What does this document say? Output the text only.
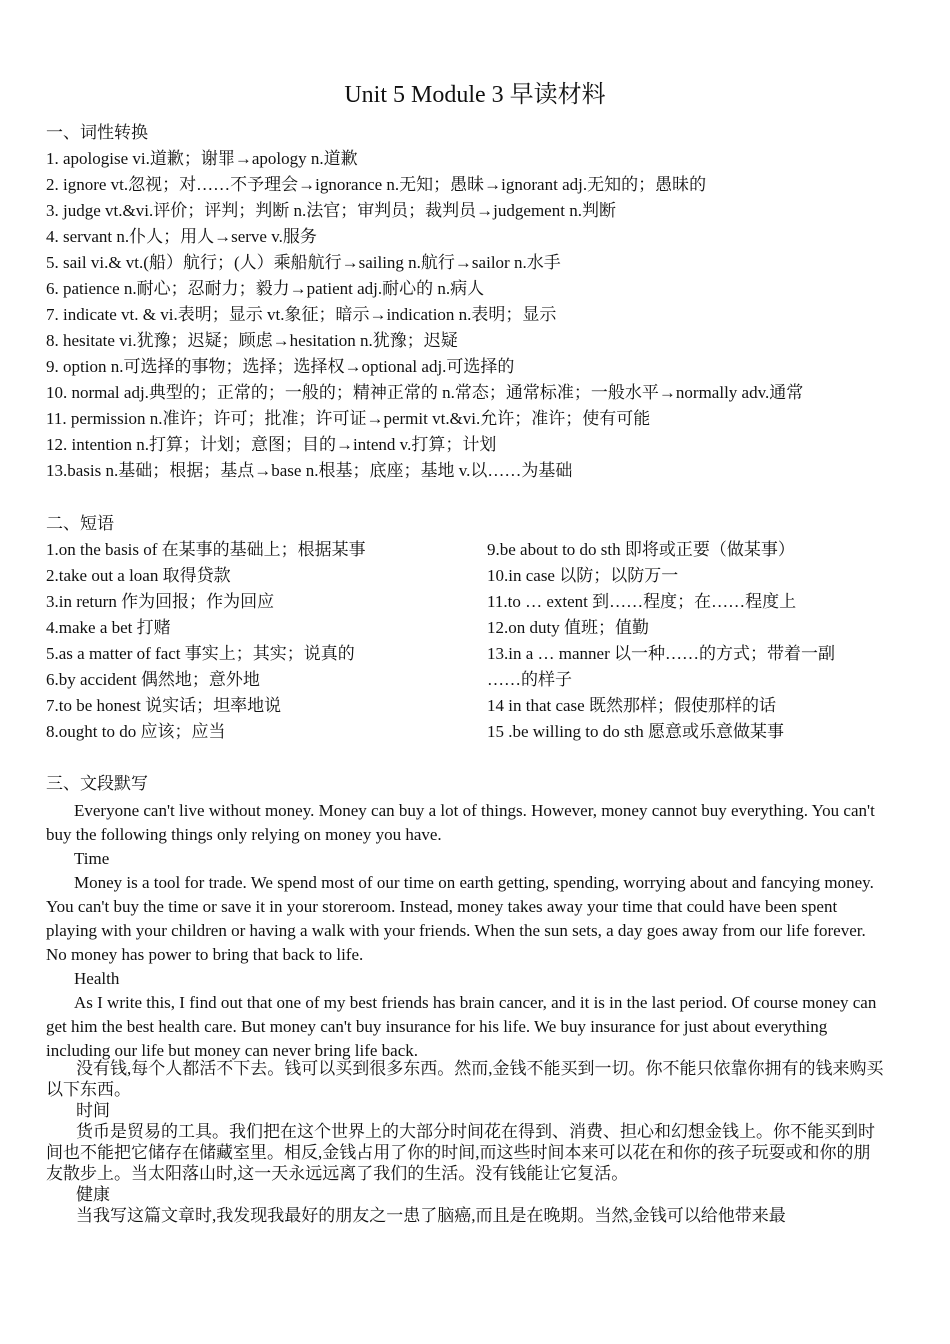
Unit 5 Module 3 早读材料
一、词性转换
1. apologise vi.道歉；谢罪→apology n.道歉
2. ignore vt.忽视；对……不予理会→ignorance n.无知；愚昧→ignorant adj.无知的；愚昧的
3. judge vt.&vi.评价；评判；判断 n.法官；审判员；裁判员→judgement n.判断
4. servant n.仆人；用人→serve v.服务
5. sail vi.& vt.(船）航行；(人）乘船航行→sailing n.航行→sailor n.水手
6. patience n.耐心；忍耐力；毅力→patient adj.耐心的 n.病人
7. indicate vt. & vi.表明；显示 vt.象征；暗示→indication n.表明；显示
8. hesitate vi.犹豫；迟疑；顾虑→hesitation n.犹豫；迟疑
9. option n.可选择的事物；选择；选择权→optional adj.可选择的
10. normal adj.典型的；正常的；一般的；精神正常的 n.常态；通常标准；一般水平→normally adv.通常
11. permission n.准许；许可；批准；许可证→permit vt.&vi.允许；准许；使有可能
12. intention n.打算；计划；意图；目的→intend v.打算；计划
13.basis n.基础；根据；基点→base n.根基；底座；基地 v.以……为基础
二、短语
1.on the basis of 在某事的基础上；根据某事
2.take out a loan 取得贷款
3.in return 作为回报；作为回应
4.make a bet 打赌
5.as a matter of fact 事实上；其实；说真的
6.by accident 偶然地；意外地
7.to be honest 说实话；坦率地说
8.ought to do 应该；应当
9.be about to do sth 即将或正要（做某事）
10.in case 以防；以防万一
11.to … extent 到……程度；在……程度上
12.on duty 值班；值勤
13.in a … manner 以一种……的方式；带着一副
……的样子
14 in that case 既然那样；假使那样的话
15 .be willing to do sth 愿意或乐意做某事
三、文段默写

Everyone can't live without money. Money can buy a lot of things. However, money cannot buy everything. You can't buy the following things only relying on money you have.

Time

Money is a tool for trade. We spend most of our time on earth getting, spending, worrying about and fancying money. You can't buy the time or save it in your storeroom. Instead, money takes away your time that could have been spent playing with your children or having a walk with your friends. When the sun sets, a day goes away from our life forever. No money has power to bring that back to life.

Health

As I write this, I find out that one of my best friends has brain cancer, and it is in the last period. Of course money can get him the best health care. But money can't buy insurance for his life. We buy insurance for just about everything including our life but money can never bring life back.

没有钱,每个人都活不下去。钱可以买到很多东西。然而,金钱不能买到一切。你不能只依靠你拥有的钱来购买以下东西。

时间

货币是贸易的工具。我们把在这个世界上的大部分时间花在得到、消费、担心和幻想金钱上。你不能买到时间也不能把它储存在储藏室里。相反,金钱占用了你的时间,而这些时间本来可以花在和你的孩子玩耍或和你的朋友散步上。当太阳落山时,这一天永远远离了我们的生活。没有钱能让它复活。

健康

当我写这篇文章时,我发现我最好的朋友之一患了脑癌,而且是在晚期。当然,金钱可以给他带来最
